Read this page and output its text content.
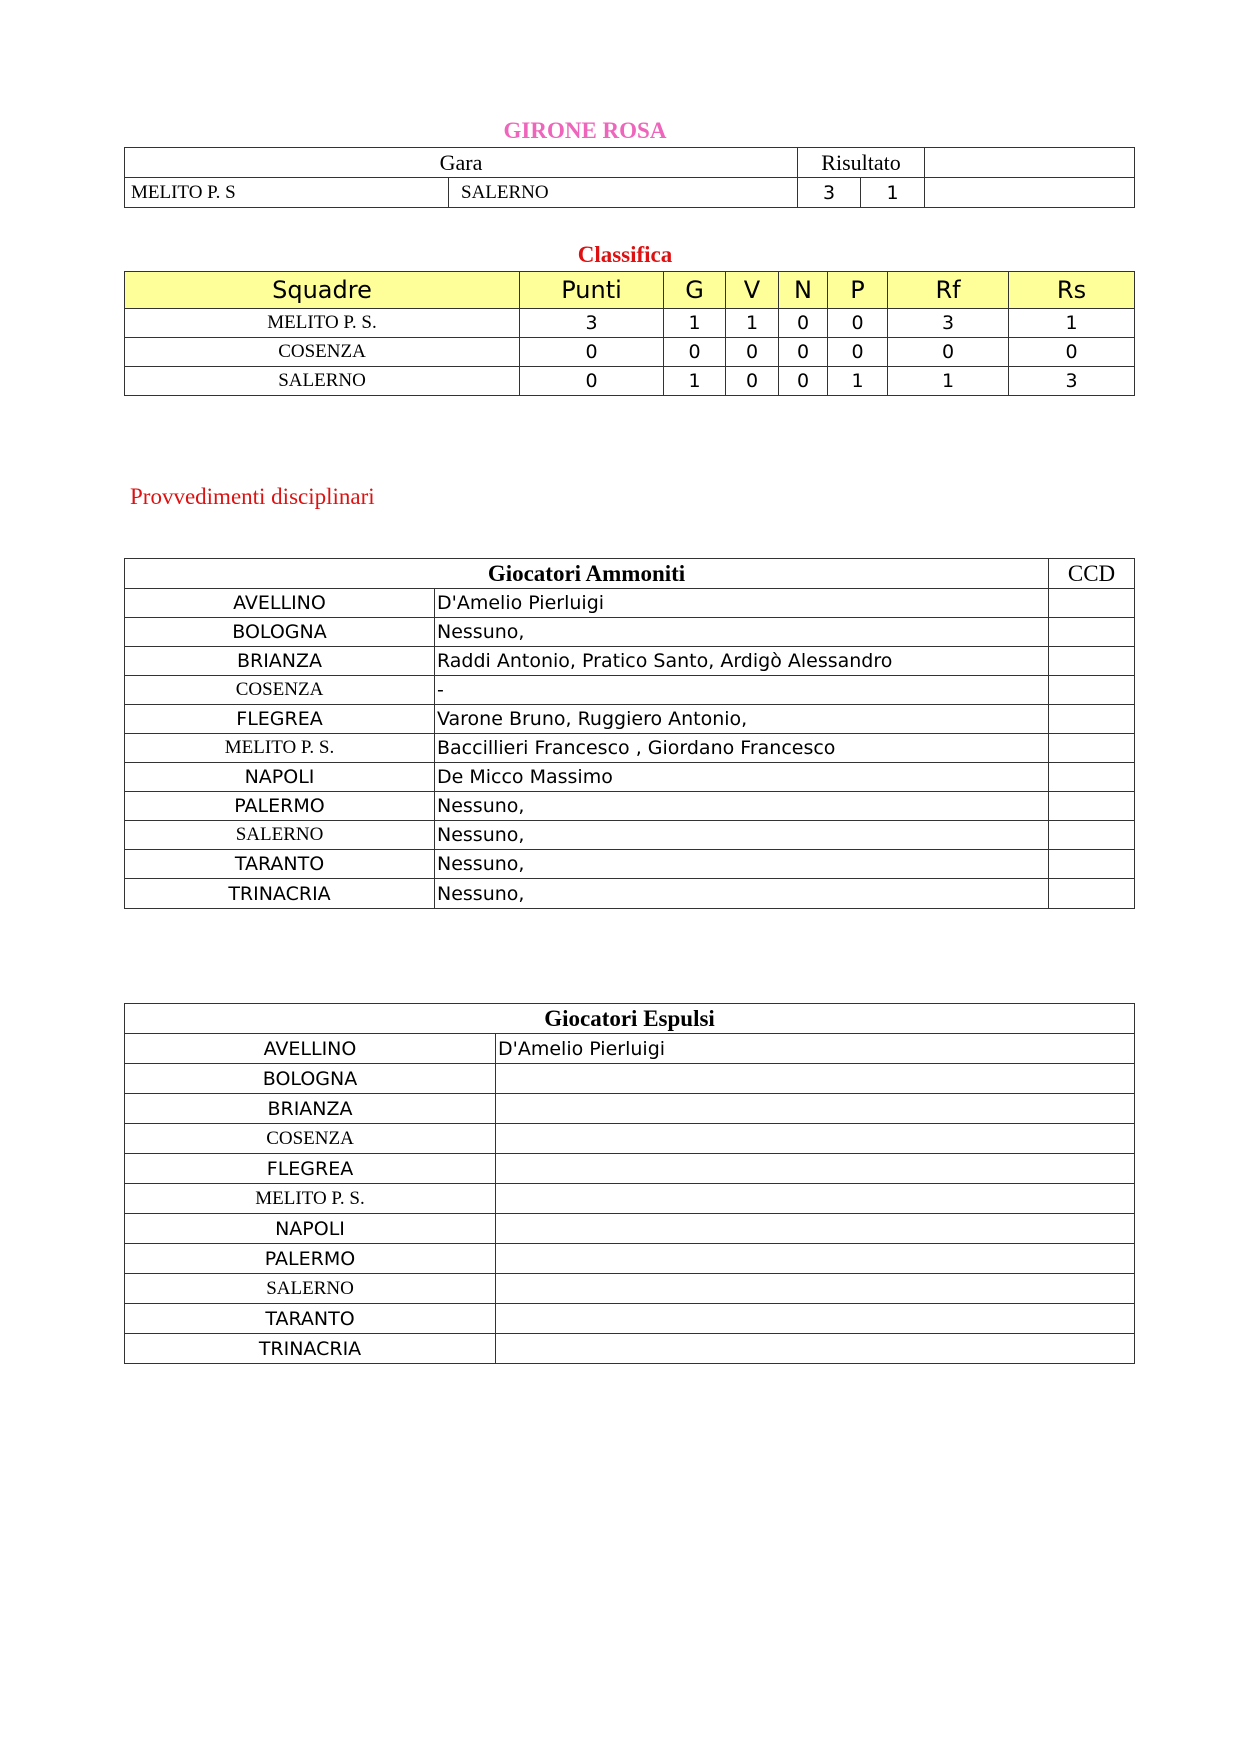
GIRONE ROSA
Gara		Risultato		
MELITO P. S	SALERNO	3	1	
Classifica
Squadre	Punti	G	V	N	P	Rf	Rs
MELITO P. S.	3	1	1	0	0	3	1
COSENZA	0	0	0	0	0	0	0
SALERNO	0	1	0	0	1	1	3
Provvedimenti disciplinari
Giocatori Ammoniti		CCD
AVELLINO	D'Amelio Pierluigi	
BOLOGNA	Nessuno,	
BRIANZA	Raddi Antonio, Pratico Santo, Ardigò Alessandro	
COSENZA	-	
FLEGREA	Varone Bruno, Ruggiero Antonio,	
MELITO P. S.	Baccillieri Francesco , Giordano Francesco	
NAPOLI	De Micco Massimo	
PALERMO	Nessuno,	
SALERNO	Nessuno,	
TARANTO	Nessuno,	
TRINACRIA	Nessuno,	
Giocatori Espulsi	
AVELLINO	D'Amelio Pierluigi
BOLOGNA	
BRIANZA	
COSENZA	
FLEGREA	
MELITO P. S.	
NAPOLI	
PALERMO	
SALERNO	
TARANTO	
TRINACRIA	
